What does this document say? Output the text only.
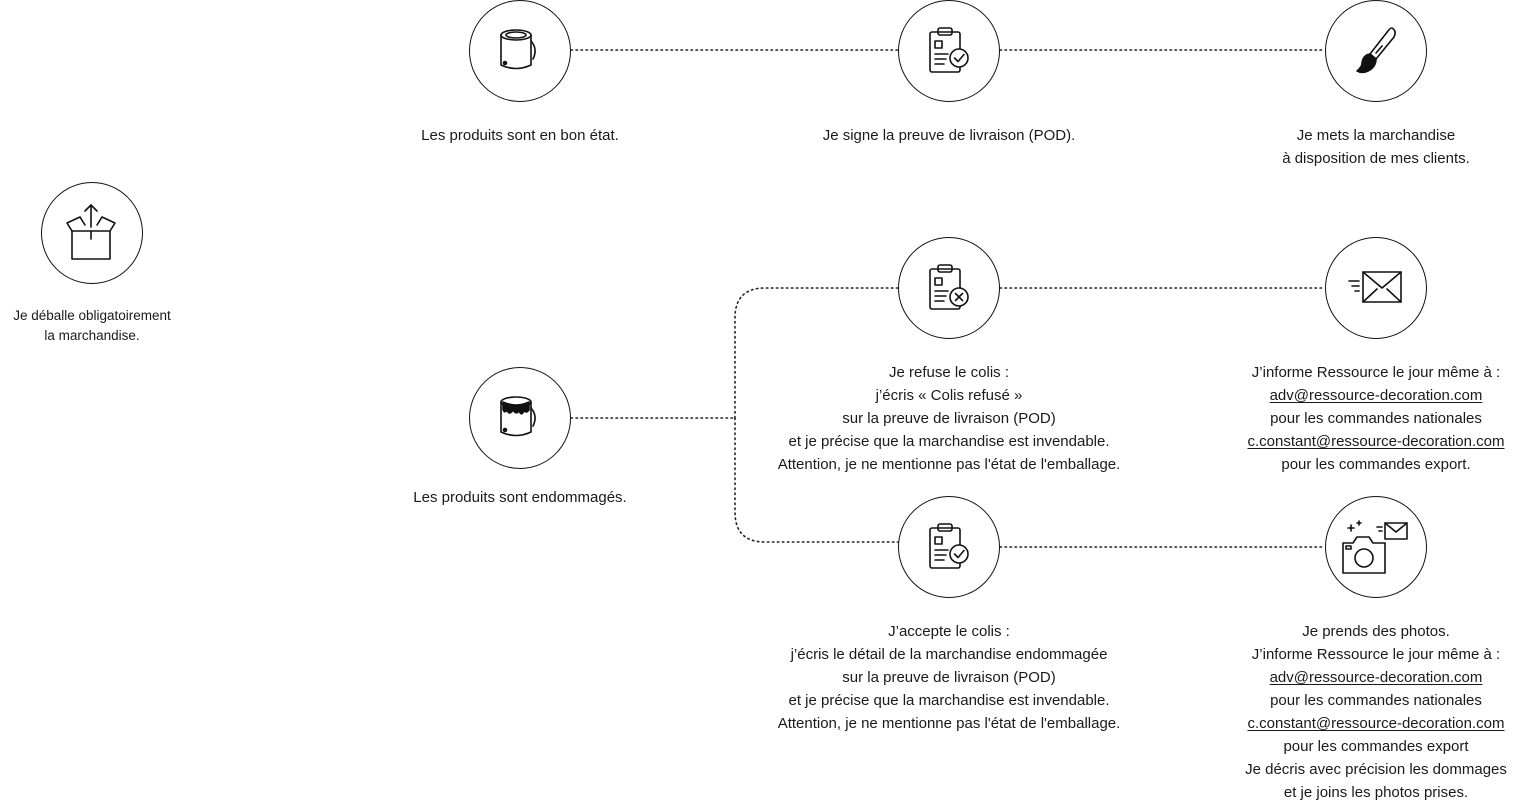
Je déballe obligatoirement
la marchandise.
Les produits sont en bon état.	Je signe la preuve de livraison (POD).	Je mets la marchandise
à disposition de mes clients.
Les produits sont endommagés.
Je refuse le colis :
j’écris « Colis refusé »
sur la preuve de livraison (POD)
et je précise que la marchandise est invendable.
Attention, je ne mentionne pas l'état de l'emballage.
J’informe Ressource le jour même à :
adv@ressource-decoration.com
pour les commandes nationales
c.constant@ressource-decoration.com
pour les commandes export.
J’accepte le colis :
j’écris le détail de la marchandise endommagée
sur la preuve de livraison (POD)
et je précise que la marchandise est invendable.
Attention, je ne mentionne pas l'état de l'emballage.
Je prends des photos.
J’informe Ressource le jour même à :
adv@ressource-decoration.com
pour les commandes nationales
c.constant@ressource-decoration.com
pour les commandes export
Je décris avec précision les dommages
et je joins les photos prises.
